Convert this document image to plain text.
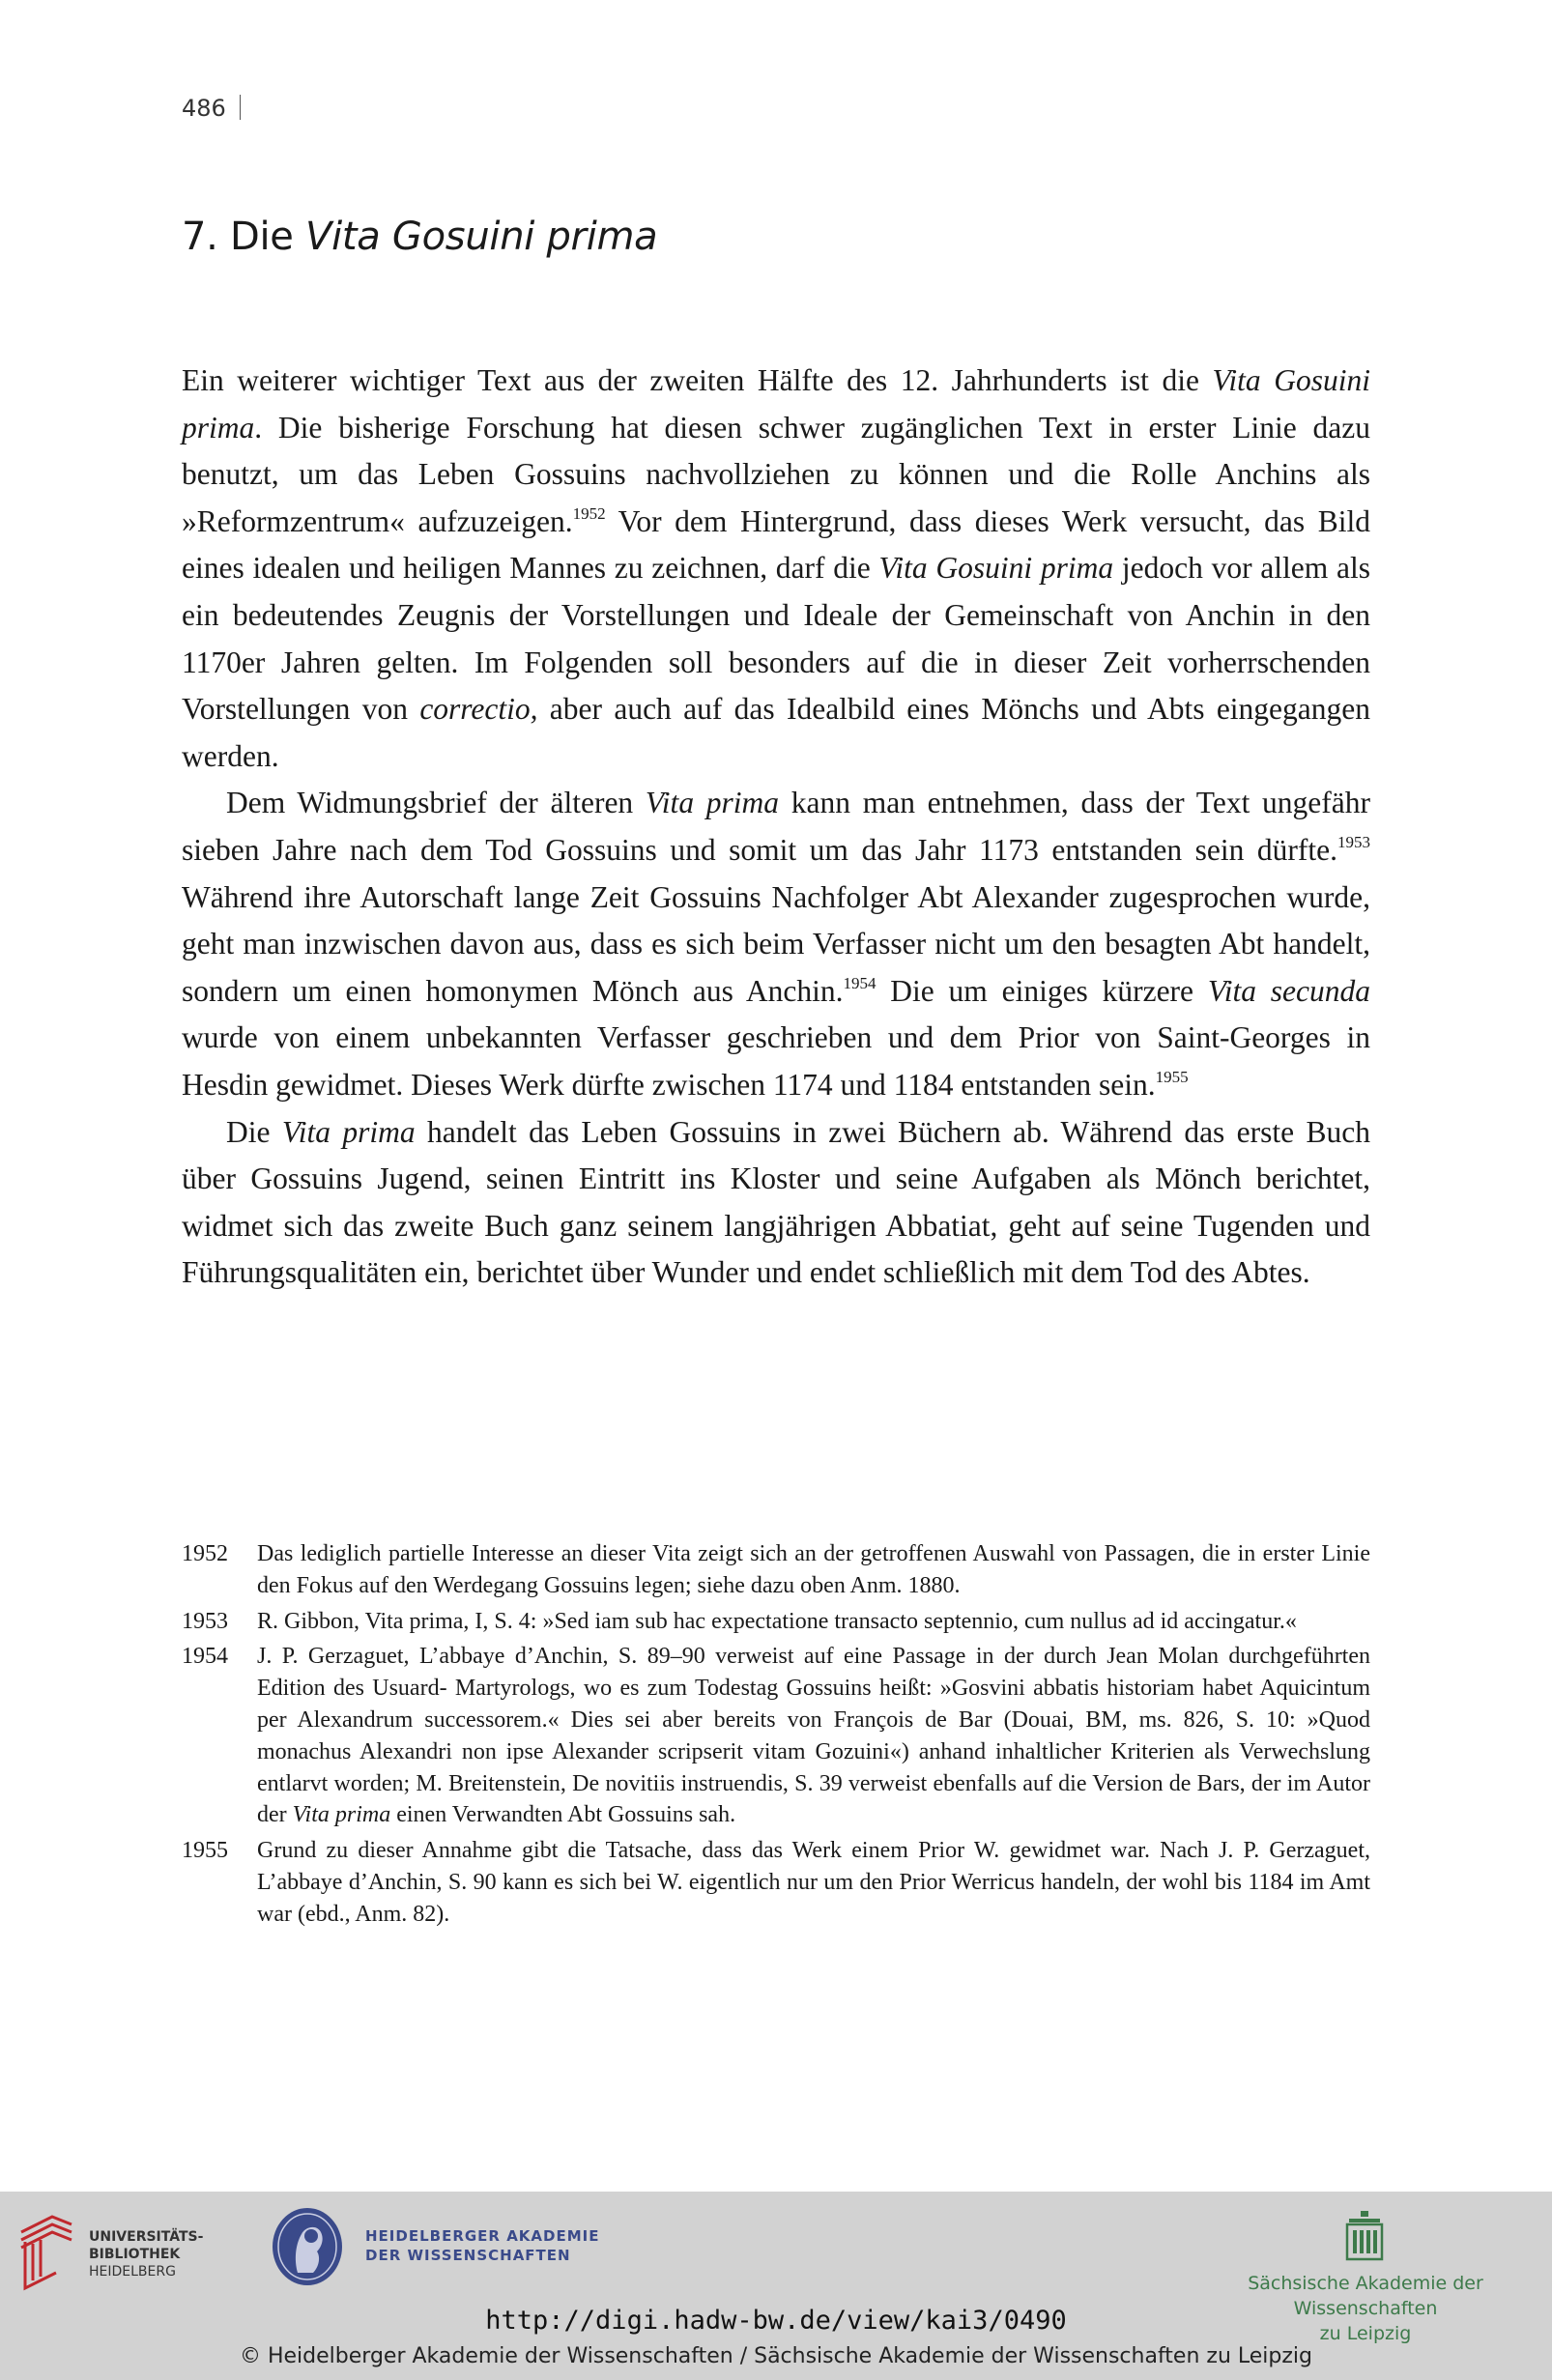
486
7. Die Vita Gosuini prima

Ein weiterer wichtiger Text aus der zweiten Hälfte des 12. Jahrhunderts ist die Vita Gosuini prima. Die bisherige Forschung hat diesen schwer zugänglichen Text in erster Linie dazu benutzt, um das Leben Gossuins nachvollziehen zu können und die Rolle Anchins als »Reformzentrum« aufzuzeigen.$^{1952}$ Vor dem Hintergrund, dass dieses Werk versucht, das Bild eines idealen und heiligen Mannes zu zeichnen, darf die Vita Gosuini prima jedoch vor allem als ein bedeutendes Zeugnis der Vorstellungen und Ideale der Gemeinschaft von Anchin in den 1170er Jahren gelten. Im Folgenden soll besonders auf die in dieser Zeit vorherrschenden Vorstellungen von correctio, aber auch auf das Idealbild eines Mönchs und Abts eingegangen werden.

Dem Widmungsbrief der älteren Vita prima kann man entnehmen, dass der Text ungefähr sieben Jahre nach dem Tod Gossuins und somit um das Jahr 1173 entstanden sein dürfte.$^{1953}$ Während ihre Autorschaft lange Zeit Gossuins Nachfolger Abt Alexander zugesprochen wurde, geht man inzwischen davon aus, dass es sich beim Verfasser nicht um den besagten Abt handelt, sondern um einen homonymen Mönch aus Anchin.$^{1954}$ Die um einiges kürzere Vita secunda wurde von einem unbekannten Verfasser geschrieben und dem Prior von Saint-Georges in Hesdin gewidmet. Dieses Werk dürfte zwischen 1174 und 1184 entstanden sein.$^{1955}$

Die Vita prima handelt das Leben Gossuins in zwei Büchern ab. Während das erste Buch über Gossuins Jugend, seinen Eintritt ins Kloster und seine Aufgaben als Mönch berichtet, widmet sich das zweite Buch ganz seinem langjährigen Abbatiat, geht auf seine Tugenden und Führungsqualitäten ein, berichtet über Wunder und endet schließlich mit dem Tod des Abtes.

1952	Das lediglich partielle Interesse an dieser Vita zeigt sich an der getroffenen Auswahl von Passagen, die in erster Linie den Fokus auf den Werdegang Gossuins legen; siehe dazu oben Anm. 1880.
1953	R. Gibbon, Vita prima, I, S. 4: »Sed iam sub hac expectatione transacto septennio, cum nullus ad id accingatur.«
1954	J. P. Gerzaguet, L’abbaye d’Anchin, S. 89–90 verweist auf eine Passage in der durch Jean Molan durchgeführten Edition des Usuard- Martyrologs, wo es zum Todestag Gossuins heißt: »Gosvini abbatis historiam habet Aquicintum per Alexandrum successorem.« Dies sei aber bereits von François de Bar (Douai, BM, ms. 826, S. 10: »Quod monachus Alexandri non ipse Alexander scripserit vitam Gozuini«) anhand inhaltlicher Kriterien als Verwechslung entlarvt worden; M. Breitenstein, De novitiis instruendis, S. 39 verweist ebenfalls auf die Version de Bars, der im Autor der Vita prima einen Verwandten Abt Gossuins sah.
1955	Grund zu dieser Annahme gibt die Tatsache, dass das Werk einem Prior W. gewidmet war. Nach J. P. Gerzaguet, L’abbaye d’Anchin, S. 90 kann es sich bei W. eigentlich nur um den Prior Werricus handeln, der wohl bis 1184 im Amt war (ebd., Anm. 82).
UNIVERSITÄTS-
BIBLIOTHEK
HEIDELBERG
HEIDELBERGER AKADEMIE
DER WISSENSCHAFTEN
Sächsische Akademie der Wissenschaften
zu Leipzig
http://digi.hadw-bw.de/view/kai3/0490
© Heidelberger Akademie der Wissenschaften / Sächsische Akademie der Wissenschaften zu Leipzig
